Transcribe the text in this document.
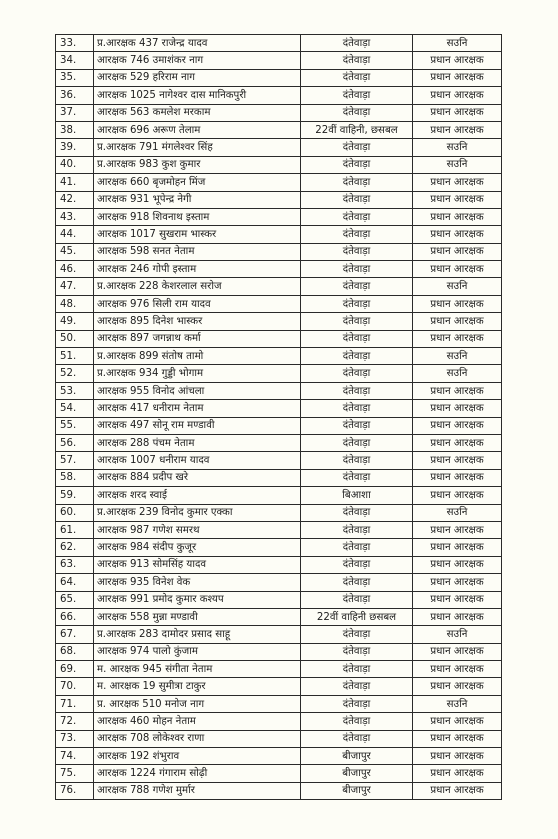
33.	प्र.आरक्षक 437 राजेन्द्र यादव	दंतेवाड़ा	सउनि
34.	आरक्षक 746 उमाशंकर नाग	दंतेवाड़ा	प्रधान आरक्षक
35.	आरक्षक 529 हरिराम नाग	दंतेवाड़ा	प्रधान आरक्षक
36.	आरक्षक 1025 नागेश्वर दास मानिकपुरी	दंतेवाड़ा	प्रधान आरक्षक
37.	आरक्षक 563 कमलेश मरकाम	दंतेवाड़ा	प्रधान आरक्षक
38.	आरक्षक 696 अरूण तेलाम	22वीं वाहिनी, छसबल	प्रधान आरक्षक
39.	प्र.आरक्षक 791 मंगलेश्वर सिंह	दंतेवाड़ा	सउनि
40.	प्र.आरक्षक 983 कुश कुमार	दंतेवाड़ा	सउनि
41.	आरक्षक 660 बृजमोहन मिंज	दंतेवाड़ा	प्रधान आरक्षक
42.	आरक्षक 931 भूपेन्द्र नेगी	दंतेवाड़ा	प्रधान आरक्षक
43.	आरक्षक 918 शिवनाथ इस्ताम	दंतेवाड़ा	प्रधान आरक्षक
44.	आरक्षक 1017 सुखराम भास्कर	दंतेवाड़ा	प्रधान आरक्षक
45.	आरक्षक 598 सनत नेताम	दंतेवाड़ा	प्रधान आरक्षक
46.	आरक्षक 246 गोपी इस्ताम	दंतेवाड़ा	प्रधान आरक्षक
47.	प्र.आरक्षक 228 केशरलाल सरोज	दंतेवाड़ा	सउनि
48.	आरक्षक 976 सिली राम यादव	दंतेवाड़ा	प्रधान आरक्षक
49.	आरक्षक 895 दिनेश भास्कर	दंतेवाड़ा	प्रधान आरक्षक
50.	आरक्षक 897 जगन्नाथ कर्मा	दंतेवाड़ा	प्रधान आरक्षक
51.	प्र.आरक्षक 899 संतोष तामो	दंतेवाड़ा	सउनि
52.	प्र.आरक्षक 934 गुड्डी भोगाम	दंतेवाड़ा	सउनि
53.	आरक्षक 955 विनोद आंचला	दंतेवाड़ा	प्रधान आरक्षक
54.	आरक्षक 417 धनीराम नेताम	दंतेवाड़ा	प्रधान आरक्षक
55.	आरक्षक 497 सोनू राम मण्डावी	दंतेवाड़ा	प्रधान आरक्षक
56.	आरक्षक 288 पंचम नेताम	दंतेवाड़ा	प्रधान आरक्षक
57.	आरक्षक 1007 धनीराम यादव	दंतेवाड़ा	प्रधान आरक्षक
58.	आरक्षक 884 प्रदीप खरे	दंतेवाड़ा	प्रधान आरक्षक
59.	आरक्षक शरद स्वाई	बिआशा	प्रधान आरक्षक
60.	प्र.आरक्षक 239 विनोद कुमार एक्का	दंतेवाड़ा	सउनि
61.	आरक्षक 987 गणेश समरथ	दंतेवाड़ा	प्रधान आरक्षक
62.	आरक्षक 984 संदीप कुजूर	दंतेवाड़ा	प्रधान आरक्षक
63.	आरक्षक 913 सोमसिंह यादव	दंतेवाड़ा	प्रधान आरक्षक
64.	आरक्षक 935 विनेश वेक	दंतेवाड़ा	प्रधान आरक्षक
65.	आरक्षक 991 प्रमोद कुमार कश्यप	दंतेवाड़ा	प्रधान आरक्षक
66.	आरक्षक 558 मुन्ना मण्डावी	22वीं वाहिनी छसबल	प्रधान आरक्षक
67.	प्र.आरक्षक 283 दामोदर प्रसाद साहू	दंतेवाड़ा	सउनि
68.	आरक्षक 974 पालो कुंजाम	दंतेवाड़ा	प्रधान आरक्षक
69.	म. आरक्षक 945 संगीता नेताम	दंतेवाड़ा	प्रधान आरक्षक
70.	म. आरक्षक 19 सुमीत्रा टाकुर	दंतेवाड़ा	प्रधान आरक्षक
71.	प्र. आरक्षक 510 मनोज नाग	दंतेवाड़ा	सउनि
72.	आरक्षक 460 मोहन नेताम	दंतेवाड़ा	प्रधान आरक्षक
73.	आरक्षक 708 लोकेश्वर राणा	दंतेवाड़ा	प्रधान आरक्षक
74.	आरक्षक 192 शंभुराव	बीजापुर	प्रधान आरक्षक
75.	आरक्षक 1224 गंगाराम सोढ़ी	बीजापुर	प्रधान आरक्षक
76.	आरक्षक 788 गणेश मुर्मार	बीजापुर	प्रधान आरक्षक
